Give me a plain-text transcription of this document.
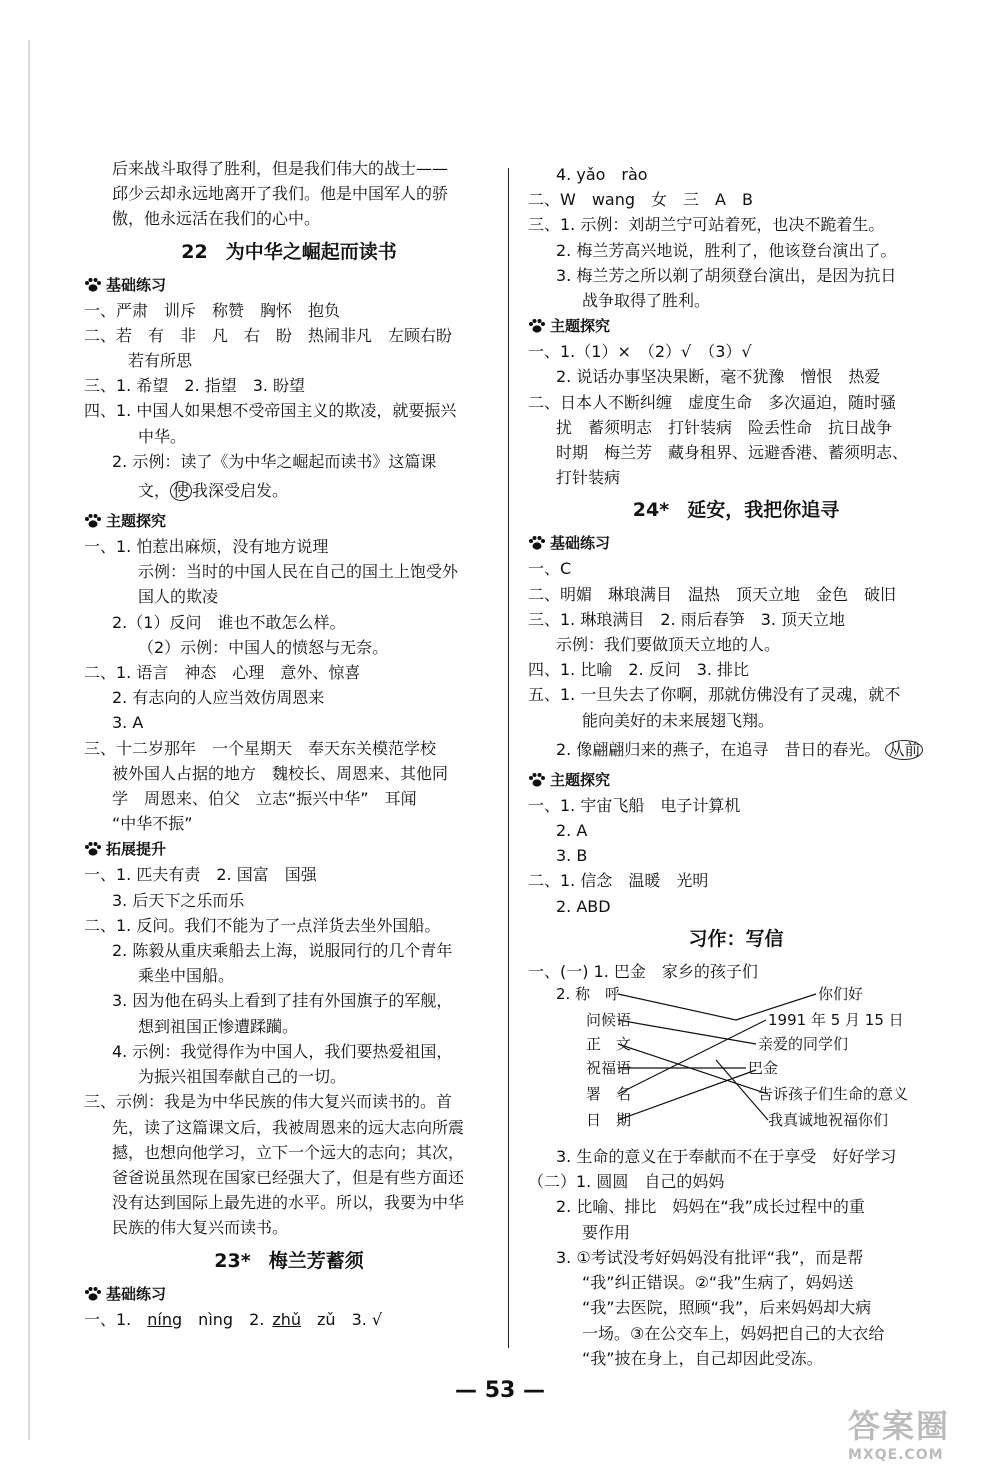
后来战斗取得了胜利，但是我们伟大的战士——
邱少云却永远地离开了我们。他是中国军人的骄
傲，他永远活在我们的心中。
22 为中华之崛起而读书
基础练习
一、严肃　训斥　称赞　胸怀　抱负
二、若　有　非　凡　右　盼　热闹非凡　左顾右盼
若有所思
三、1. 希望　2. 指望　3. 盼望
四、1. 中国人如果想不受帝国主义的欺凌，就要振兴
中华。
2. 示例：读了《为中华之崛起而读书》这篇课
文， 使 我深受启发。
主题探究
一、1. 怕惹出麻烦，没有地方说理
示例：当时的中国人民在自己的国土上饱受外
国人的欺凌
2.（1）反问　谁也不敢怎么样。
（2）示例：中国人的愤怒与无奈。
二、1. 语言　神态　心理　意外、惊喜
2. 有志向的人应当效仿周恩来
3. A
三、十二岁那年　一个星期天　奉天东关模范学校
被外国人占据的地方　魏校长、周恩来、其他同
学　周恩来、伯父　立志“振兴中华”　耳闻
“中华不振”
拓展提升
一、1. 匹夫有责　2. 国富　国强
3. 后天下之乐而乐
二、1. 反问。我们不能为了一点洋货去坐外国船。
2. 陈毅从重庆乘船去上海，说服同行的几个青年
乘坐中国船。
3. 因为他在码头上看到了挂有外国旗子的军舰，
想到祖国正惨遭蹂躏。
4. 示例：我觉得作为中国人，我们要热爱祖国，
为振兴祖国奉献自己的一切。
三、示例：我是为中华民族的伟大复兴而读书的。首
先，读了这篇课文后，我被周恩来的远大志向所震
撼，也想向他学习，立下一个远大的志向；其次，
爸爸说虽然现在国家已经强大了，但是有些方面还
没有达到国际上最先进的水平。所以，我要为中华
民族的伟大复兴而读书。
23* 梅兰芳蓄须
基础练习
一、1.  níng  nìng  2.  zhǔ  zǔ  3. √
4. yǎo　rào
二、W　wang　女　三　A　B
三、1. 示例：刘胡兰宁可站着死，也决不跪着生。
2. 梅兰芳高兴地说，胜利了，他该登台演出了。
3. 梅兰芳之所以剃了胡须登台演出，是因为抗日
战争取得了胜利。
主题探究
一、1.（1）×　（2）√　（3）√
2. 说话办事坚决果断，毫不犹豫　憎恨　热爱
二、日本人不断纠缠　虚度生命　多次逼迫，随时骚
扰　蓄须明志　打针装病　险丢性命　抗日战争
时期　梅兰芳　藏身租界、远避香港、蓄须明志、
打针装病
24* 延安，我把你追寻
基础练习
一、C
二、明媚　琳琅满目　温热　顶天立地　金色　破旧
三、1. 琳琅满目　2. 雨后春笋　3. 顶天立地
示例：我们要做顶天立地的人。
四、1. 比喻　2. 反问　3. 排比
五、1. 一旦失去了你啊，那就仿佛没有了灵魂，就不
能向美好的未来展翅飞翔。
2. 像翩翩归来的燕子，在追寻　昔日的春光。 从前
主题探究
一、1. 宇宙飞船　电子计算机
2. A
3. B
二、1. 信念　温暖　光明
2. ABD
习作：写信
一、(一) 1. 巴金　家乡的孩子们
2. 称　呼
问候语
正　文
祝福语
署　名
日　期
你们好
1991 年 5 月 15 日
亲爱的同学们
巴金
告诉孩子们生命的意义
我真诚地祝福你们
3. 生命的意义在于奉献而不在于享受　好好学习
（二）1. 圆圆　自己的妈妈
2. 比喻、排比　妈妈在“我”成长过程中的重
要作用
3. ①考试没考好妈妈没有批评“我”，而是帮
“我”纠正错误。②“我”生病了，妈妈送
“我”去医院，照顾“我”，后来妈妈却大病
一场。③在公交车上，妈妈把自己的大衣给
“我”披在身上，自己却因此受冻。
— 53 —
答案圈
MXQE.COM
